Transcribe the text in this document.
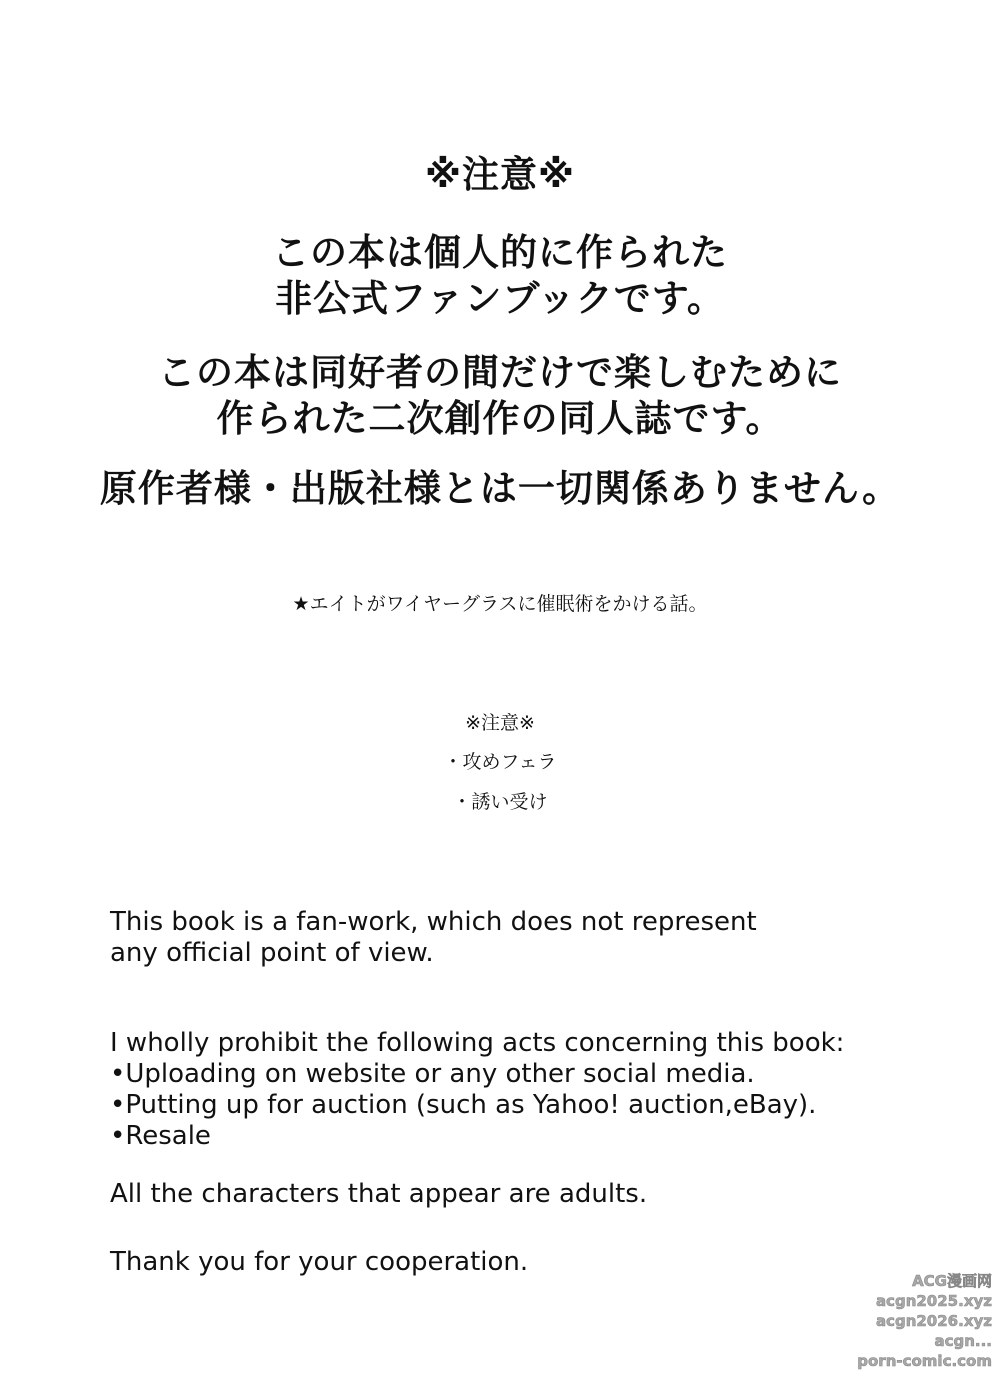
※注意※
この本は個人的に作られた
非公式ファンブックです。
この本は同好者の間だけで楽しむために
作られた二次創作の同人誌です。
原作者様・出版社様とは一切関係ありません。
★エイトがワイヤーグラスに催眠術をかける話。
※注意※
・攻めフェラ
・誘い受け
This book is a fan-work, which does not represent
any official point of view.
I wholly prohibit the following acts concerning this book:
•Uploading on website or any other social media.
•Putting up for auction (such as Yahoo! auction,eBay).
•Resale
All the characters that appear are adults.
Thank you for your cooperation.
ACG漫画网
acgn2025.xyz
acgn2026.xyz
acgn...
porn-comic.com
